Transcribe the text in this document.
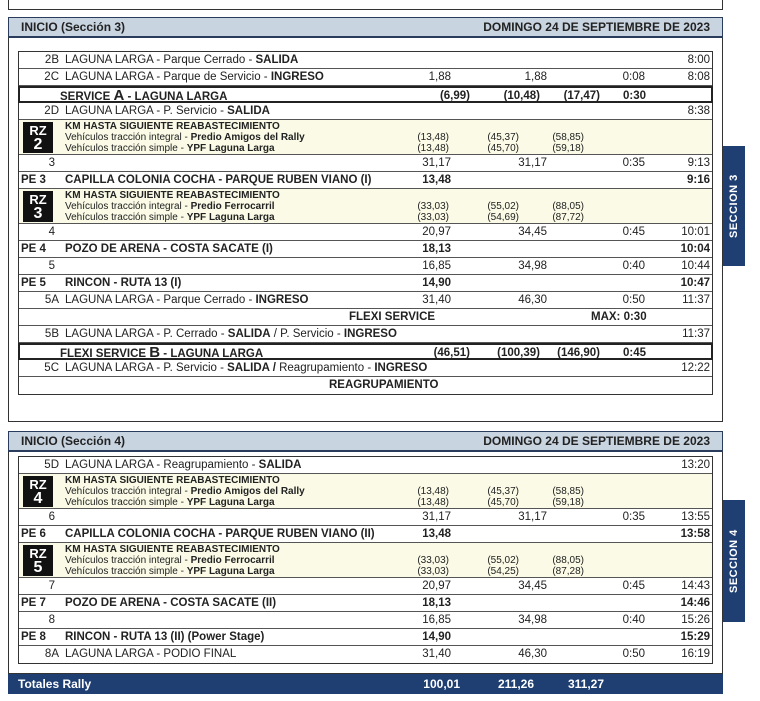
INICIO (Sección 3)	DOMINGO 24 DE SEPTIEMBRE DE 2023
SECCION 3
2B LAGUNA LARGA - Parque Cerrado - SALIDA	8:00
2C LAGUNA LARGA - Parque de Servicio - INGRESO	1,88	1,88	0:08	8:08
SERVICE A - LAGUNA LARGA	(6,99)	(10,48)	(17,47)	0:30
2D LAGUNA LARGA - P. Servicio - SALIDA	8:38
RZ
2
KM HASTA SIGUIENTE REABASTECIMIENTO
Vehículos tracción integral - Predio Amigos del Rally
Vehículos tracción simple - YPF Laguna Larga
(13,48)	(45,37)	(58,85)
(13,48)	(45,70)	(59,18)
3	31,17	31,17	0:35	9:13
PE 3 CAPILLA COLONIA COCHA - PARQUE RUBEN VIANO (I)	13,48	9:16
RZ
3
KM HASTA SIGUIENTE REABASTECIMIENTO
Vehículos tracción integral - Predio Ferrocarril
Vehículos tracción simple - YPF Laguna Larga
(33,03)	(55,02)	(88,05)
(33,03)	(54,69)	(87,72)
4	20,97	34,45	0:45	10:01
PE 4 POZO DE ARENA - COSTA SACATE (I)	18,13	10:04
5	16,85	34,98	0:40	10:44
PE 5 RINCON - RUTA 13 (I)	14,90	10:47
5A LAGUNA LARGA - Parque Cerrado - INGRESO	31,40	46,30	0:50	11:37
FLEXI SERVICE	MAX: 0:30
5B LAGUNA LARGA - P. Cerrado - SALIDA / P. Servicio - INGRESO	11:37
FLEXI SERVICE B - LAGUNA LARGA	(46,51)	(100,39)	(146,90)	0:45
5C LAGUNA LARGA - P. Servicio - SALIDA / Reagrupamiento - INGRESO	12:22
REAGRUPAMIENTO
INICIO (Sección 4)	DOMINGO 24 DE SEPTIEMBRE DE 2023
SECCION 4
5D LAGUNA LARGA - Reagrupamiento - SALIDA	13:20
RZ
4
KM HASTA SIGUIENTE REABASTECIMIENTO
Vehículos tracción integral - Predio Amigos del Rally
Vehículos tracción simple - YPF Laguna Larga
(13,48)	(45,37)	(58,85)
(13,48)	(45,70)	(59,18)
6	31,17	31,17	0:35	13:55
PE 6 CAPILLA COLONIA COCHA - PARQUE RUBEN VIANO (II)	13,48	13:58
RZ
5
KM HASTA SIGUIENTE REABASTECIMIENTO
Vehículos tracción integral - Predio Ferrocarril
Vehículos tracción simple - YPF Laguna Larga
(33,03)	(55,02)	(88,05)
(33,03)	(54,25)	(87,28)
7	20,97	34,45	0:45	14:43
PE 7 POZO DE ARENA - COSTA SACATE (II)	18,13	14:46
8	16,85	34,98	0:40	15:26
PE 8 RINCON - RUTA 13 (II) (Power Stage)	14,90	15:29
8A LAGUNA LARGA - PODIO FINAL	31,40	46,30	0:50	16:19
Totales Rally	100,01	211,26	311,27
